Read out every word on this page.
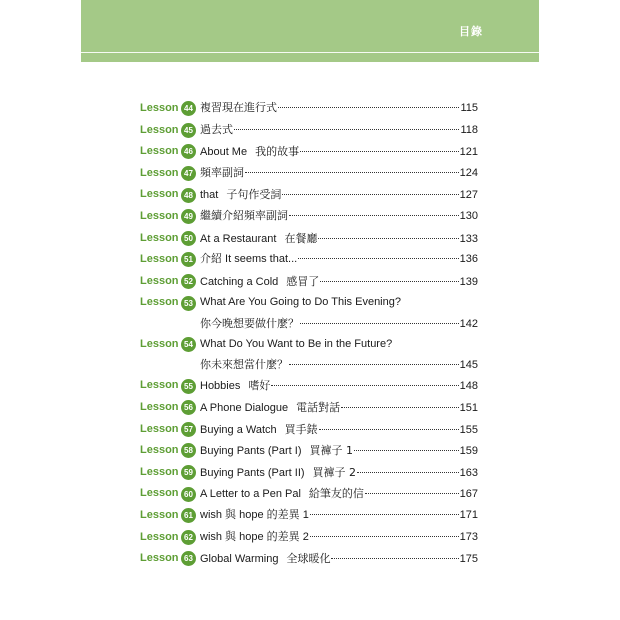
目錄
Lesson 44 複習現在進行式	115
Lesson 45 過去式	118
Lesson 46 About Me 我的故事	121
Lesson 47 頻率副詞	124
Lesson 48 that 子句作受詞	127
Lesson 49 繼續介紹頻率副詞	130
Lesson 50 At a Restaurant 在餐廳	133
Lesson 51 介紹 It seems that...	136
Lesson 52 Catching a Cold 感冒了	139
Lesson 53 What Are You Going to Do This Evening?
你今晚想要做什麼？	142
Lesson 54 What Do You Want to Be in the Future?
你未來想當什麼？	145
Lesson 55 Hobbies 嗜好	148
Lesson 56 A Phone Dialogue 電話對話	151
Lesson 57 Buying a Watch 買手錶	155
Lesson 58 Buying Pants (Part I) 買褲子 1	159
Lesson 59 Buying Pants (Part II) 買褲子 2	163
Lesson 60 A Letter to a Pen Pal 給筆友的信	167
Lesson 61 wish 與 hope 的差異 1	171
Lesson 62 wish 與 hope 的差異 2	173
Lesson 63 Global Warming 全球暖化	175
